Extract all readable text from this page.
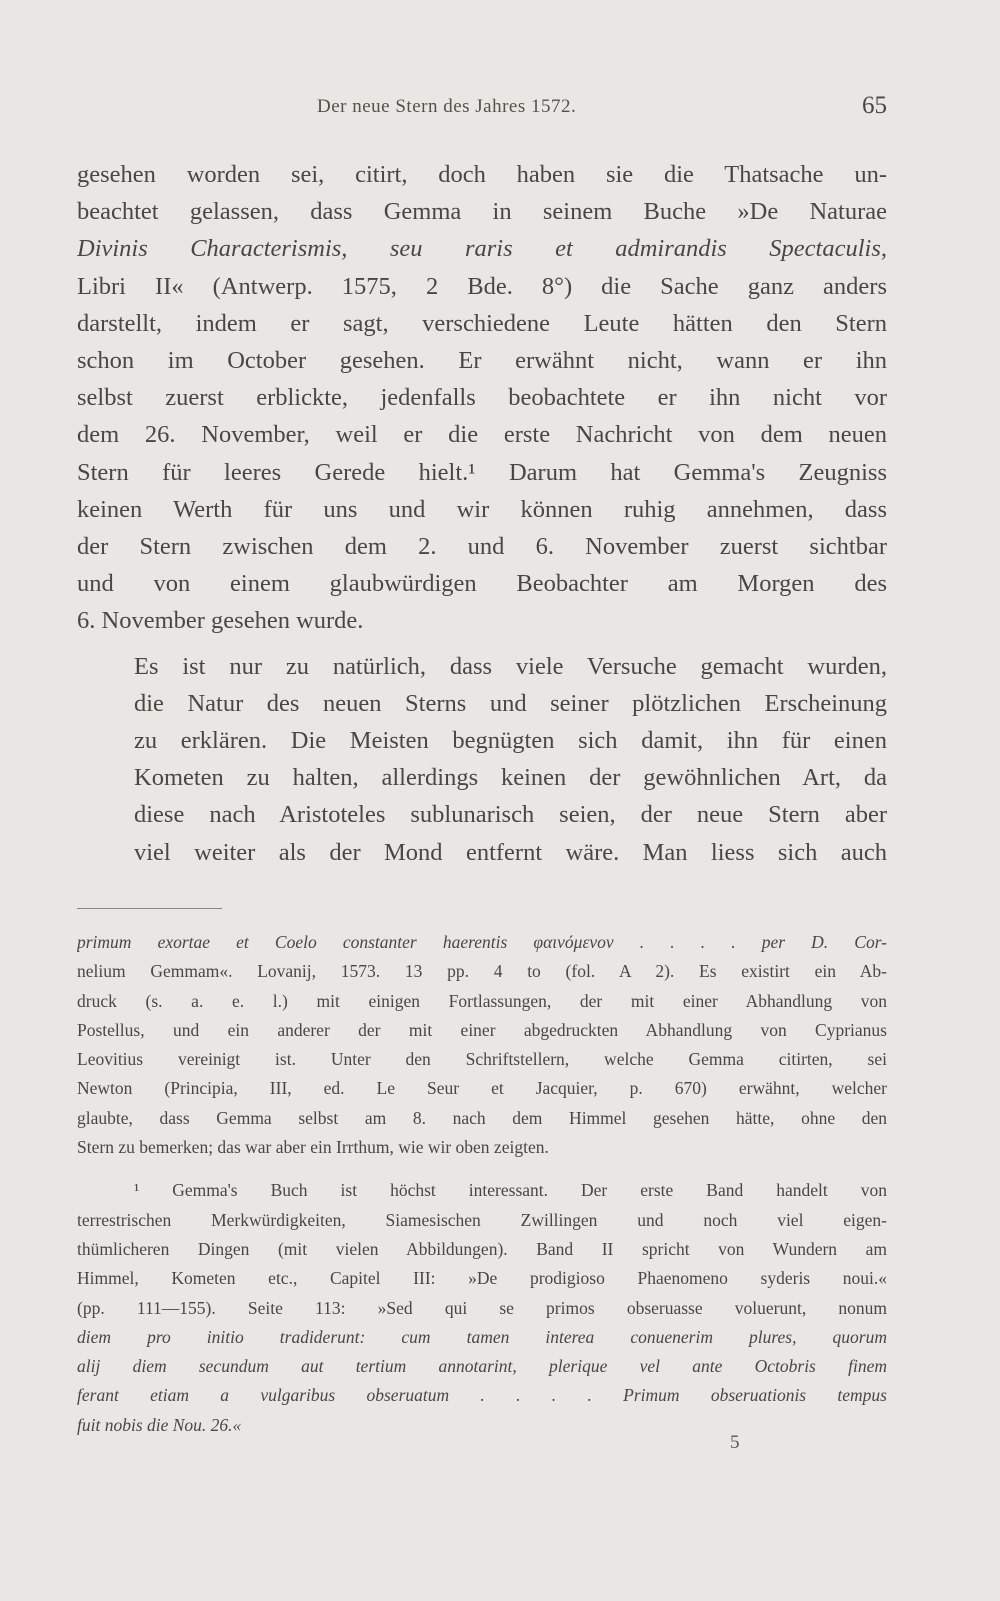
Der neue Stern des Jahres 1572.	65

gesehen worden sei, citirt, doch haben sie die Thatsache un-
beachtet gelassen, dass Gemma in seinem Buche »De Naturae
Divinis Characterismis, seu raris et admirandis Spectaculis,
Libri II« (Antwerp. 1575, 2 Bde. 8°) die Sache ganz anders
darstellt, indem er sagt, verschiedene Leute hätten den Stern
schon im October gesehen. Er erwähnt nicht, wann er ihn
selbst zuerst erblickte, jedenfalls beobachtete er ihn nicht vor
dem 26. November, weil er die erste Nachricht von dem neuen
Stern für leeres Gerede hielt.¹ Darum hat Gemma's Zeugniss
keinen Werth für uns und wir können ruhig annehmen, dass
der Stern zwischen dem 2. und 6. November zuerst sichtbar
und von einem glaubwürdigen Beobachter am Morgen des
6. November gesehen wurde.

Es ist nur zu natürlich, dass viele Versuche gemacht wurden,
die Natur des neuen Sterns und seiner plötzlichen Erscheinung
zu erklären. Die Meisten begnügten sich damit, ihn für einen
Kometen zu halten, allerdings keinen der gewöhnlichen Art, da
diese nach Aristoteles sublunarisch seien, der neue Stern aber
viel weiter als der Mond entfernt wäre. Man liess sich auch

primum exortae et Coelo constanter haerentis φαινόμενον . . . . per D. Cor-
nelium Gemmam«. Lovanij, 1573. 13 pp. 4 to (fol. A 2). Es existirt ein Ab-
druck (s. a. e. l.) mit einigen Fortlassungen, der mit einer Abhandlung von
Postellus, und ein anderer der mit einer abgedruckten Abhandlung von Cyprianus
Leovitius vereinigt ist. Unter den Schriftstellern, welche Gemma citirten, sei
Newton (Principia, III, ed. Le Seur et Jacquier, p. 670) erwähnt, welcher
glaubte, dass Gemma selbst am 8. nach dem Himmel gesehen hätte, ohne den
Stern zu bemerken; das war aber ein Irrthum, wie wir oben zeigten.
¹ Gemma's Buch ist höchst interessant. Der erste Band handelt von
terrestrischen Merkwürdigkeiten, Siamesischen Zwillingen und noch viel eigen-
thümlicheren Dingen (mit vielen Abbildungen). Band II spricht von Wundern am
Himmel, Kometen etc., Capitel III: »De prodigioso Phaenomeno syderis noui.«
(pp. 111—155). Seite 113: »Sed qui se primos obseruasse voluerunt, nonum
diem pro initio tradiderunt: cum tamen interea conuenerim plures, quorum
alij diem secundum aut tertium annotarint, plerique vel ante Octobris finem
ferant etiam a vulgaribus obseruatum . . . . Primum obseruationis tempus
fuit nobis die Nou. 26.«
5
